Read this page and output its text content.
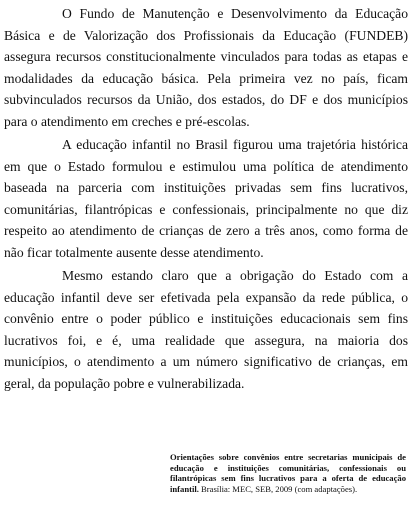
O Fundo de Manutenção e Desenvolvimento da Educação Básica e de Valorização dos Profissionais da Educação (FUNDEB) assegura recursos constitucionalmente vinculados para todas as etapas e modalidades da educação básica. Pela primeira vez no país, ficam subvinculados recursos da União, dos estados, do DF e dos municípios para o atendimento em creches e pré-escolas.

A educação infantil no Brasil figurou uma trajetória histórica em que o Estado formulou e estimulou uma política de atendimento baseada na parceria com instituições privadas sem fins lucrativos, comunitárias, filantrópicas e confessionais, principalmente no que diz respeito ao atendimento de crianças de zero a três anos, como forma de não ficar totalmente ausente desse atendimento.

Mesmo estando claro que a obrigação do Estado com a educação infantil deve ser efetivada pela expansão da rede pública, o convênio entre o poder público e instituições educacionais sem fins lucrativos foi, e é, uma realidade que assegura, na maioria dos municípios, o atendimento a um número significativo de crianças, em geral, da população pobre e vulnerabilizada.

Orientações sobre convênios entre secretarias municipais de educação e instituições comunitárias, confessionais ou filantrópicas sem fins lucrativos para a oferta de educação infantil. Brasília: MEC, SEB, 2009 (com adaptações).
